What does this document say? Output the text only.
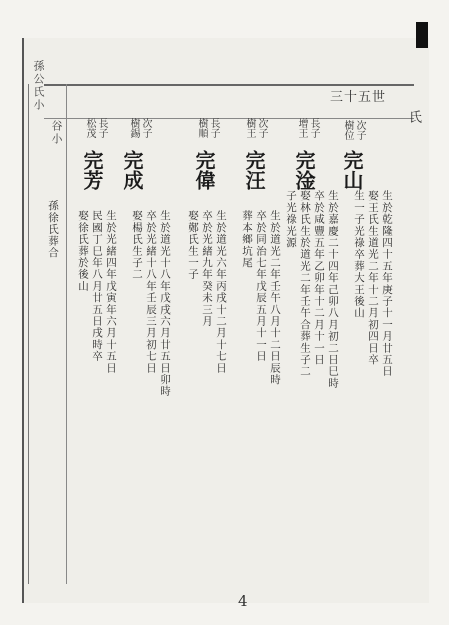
三十五世
孫公氏小
谷小
氏
次子
樹位
完山
生於乾隆四十五年庚子十一月廿五日
娶王氏生道光二年十二月初四日卒
生一子光祿卒葬大王後山
長子
增王
完淦
生於嘉慶二十四年己卯八月初二日巳時
卒於咸豐五年乙卯年十二月十一日
娶林氏生於道光二年壬午合葬生子二
子光祿光源
次子
樹王
完汪
生於道光二年壬午八月十二日辰時
卒於同治七年戊辰五月十一日
葬本鄉坑尾
長子
樹順
完偉
生於道光六年丙戌十二月十七日
卒於光緒九年癸未三月
娶鄭氏生一子
次子
樹錫
完成
生於道光十八年戊戌六月廿五日卯時
卒於光緒十八年壬辰三月初七日
娶楊氏生子二
長子
松茂
完芳
生於光緒四年戊寅年六月十五日
民國丁巳年八月廿五日戌時卒
娶徐氏葬於後山
孫徐氏葬合
4
